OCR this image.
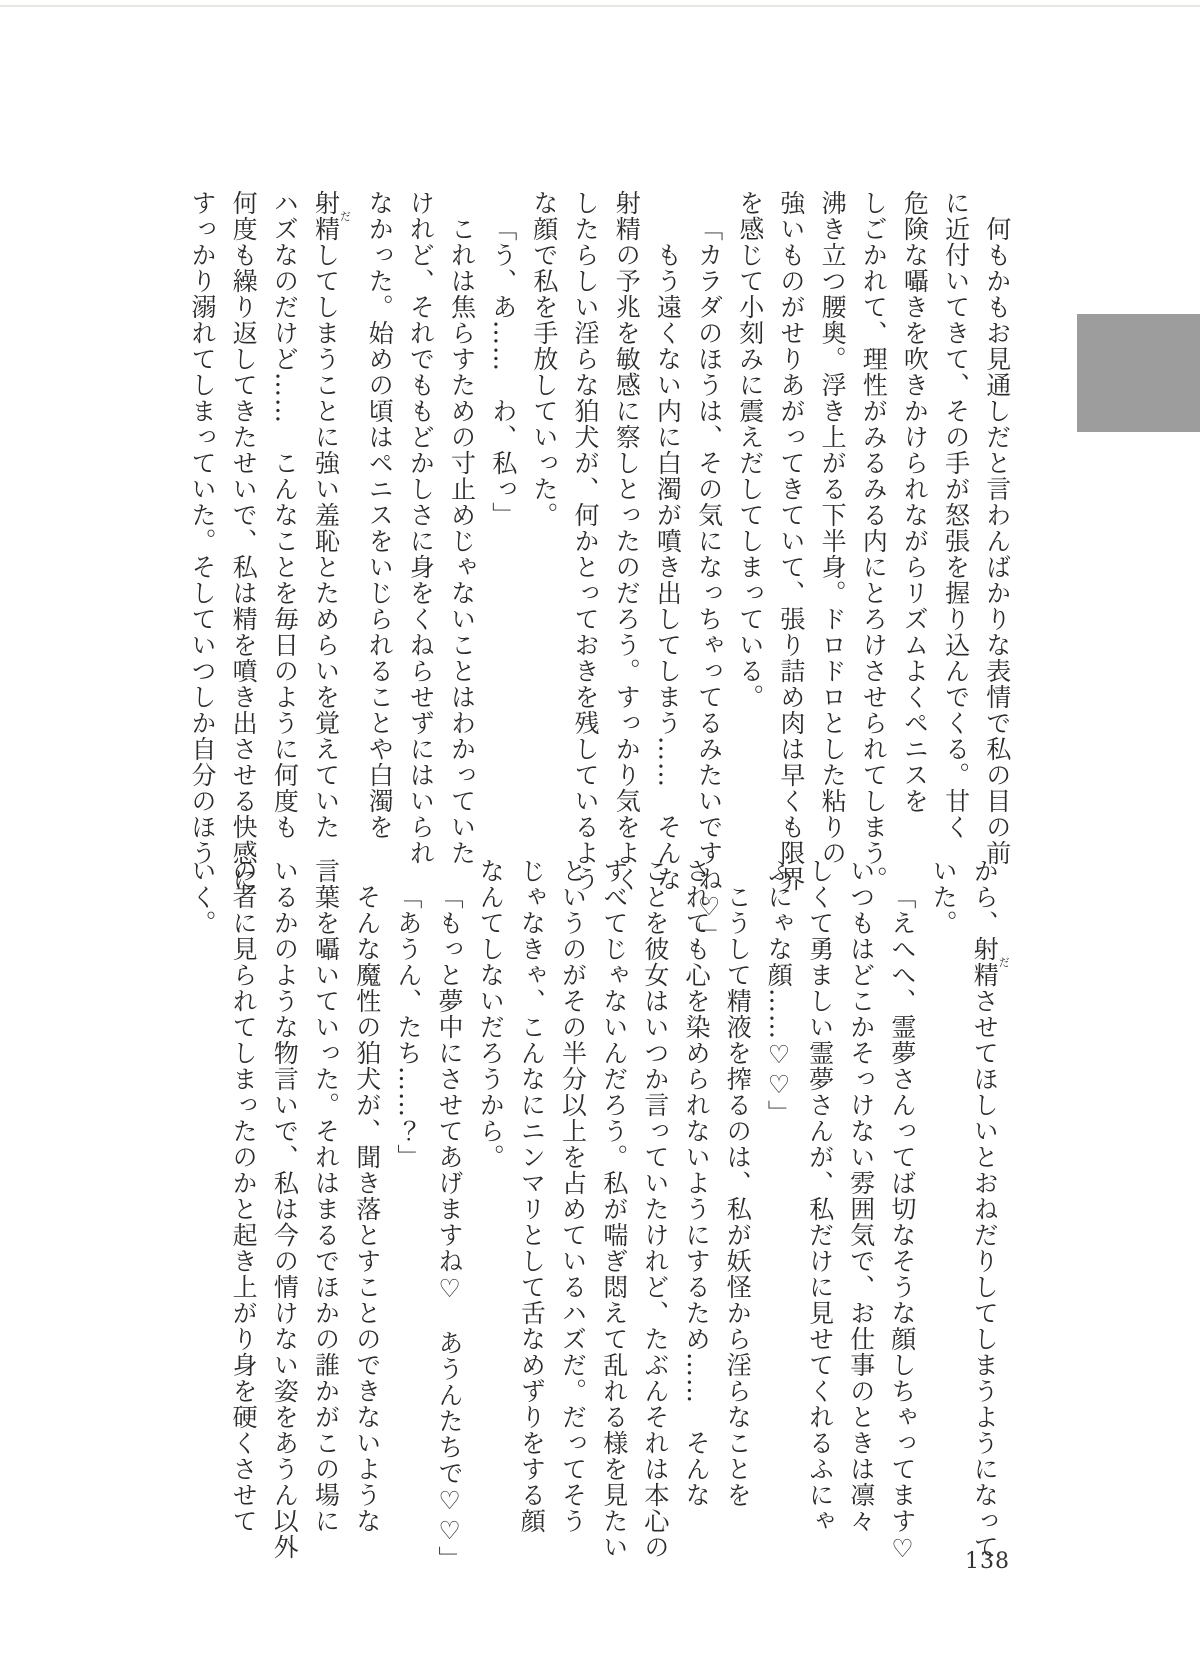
何もかもお見通しだと言わんばかりな表情で私の目の前

に近付いてきて、その手が怒張を握り込んでくる。甘く

危険な囁きを吹きかけられながらリズムよくペニスを

しごかれて、理性がみるみる内にとろけさせられてしまう。

沸き立つ腰奥。浮き上がる下半身。ドロドロとした粘りの

強いものがせりあがってきていて、張り詰め肉は早くも限界

を感じて小刻みに震えだしてしまっている。

「カラダのほうは、その気になっちゃってるみたいですね♡」

もう遠くない内に白濁が噴き出してしまう……　そんな

射精の予兆を敏感に察しとったのだろう。すっかり気をよく

したらしい淫らな狛犬が、何かとっておきを残しているよう

な顔で私を手放していった。

「う、あ……　わ、私っ」

これは焦らすための寸止めじゃないことはわかっていた

けれど、それでももどかしさに身をくねらせずにはいられ

なかった。始めの頃はペニスをいじられることや白濁を

射精だしてしまうことに強い羞恥とためらいを覚えていた

ハズなのだけど……　こんなことを毎日のように何度も

何度も繰り返してきたせいで、私は精を噴き出させる快感に

すっかり溺れてしまっていた。そしていつしか自分のほう

から、射精ださせてほしいとおねだりしてしまうようになって

いた。

「えへへ、霊夢さんってば切なそうな顔しちゃってます♡

いつもはどこかそっけない雰囲気で、お仕事のときは凛々

しくて勇ましい霊夢さんが、私だけに見せてくれるふにゃ

ふにゃな顔……♡♡」

こうして精液を搾るのは、私が妖怪から淫らなことを

されても心を染められないようにするため……　そんな

ことを彼女はいつか言っていたけれど、たぶんそれは本心の

すべてじゃないんだろう。私が喘ぎ悶えて乱れる様を見たい

というのがその半分以上を占めているハズだ。だってそう

じゃなきゃ、こんなにニンマリとして舌なめずりをする顔

なんてしないだろうから。

「もっと夢中にさせてあげますね♡　あうんたちで♡♡」

「あうん、たち……？」

そんな魔性の狛犬が、聞き落とすことのできないような

言葉を囁いていった。それはまるでほかの誰かがこの場に

いるかのような物言いで、私は今の情けない姿をあうん以外

の者に見られてしまったのかと起き上がり身を硬くさせて

いく。

138
